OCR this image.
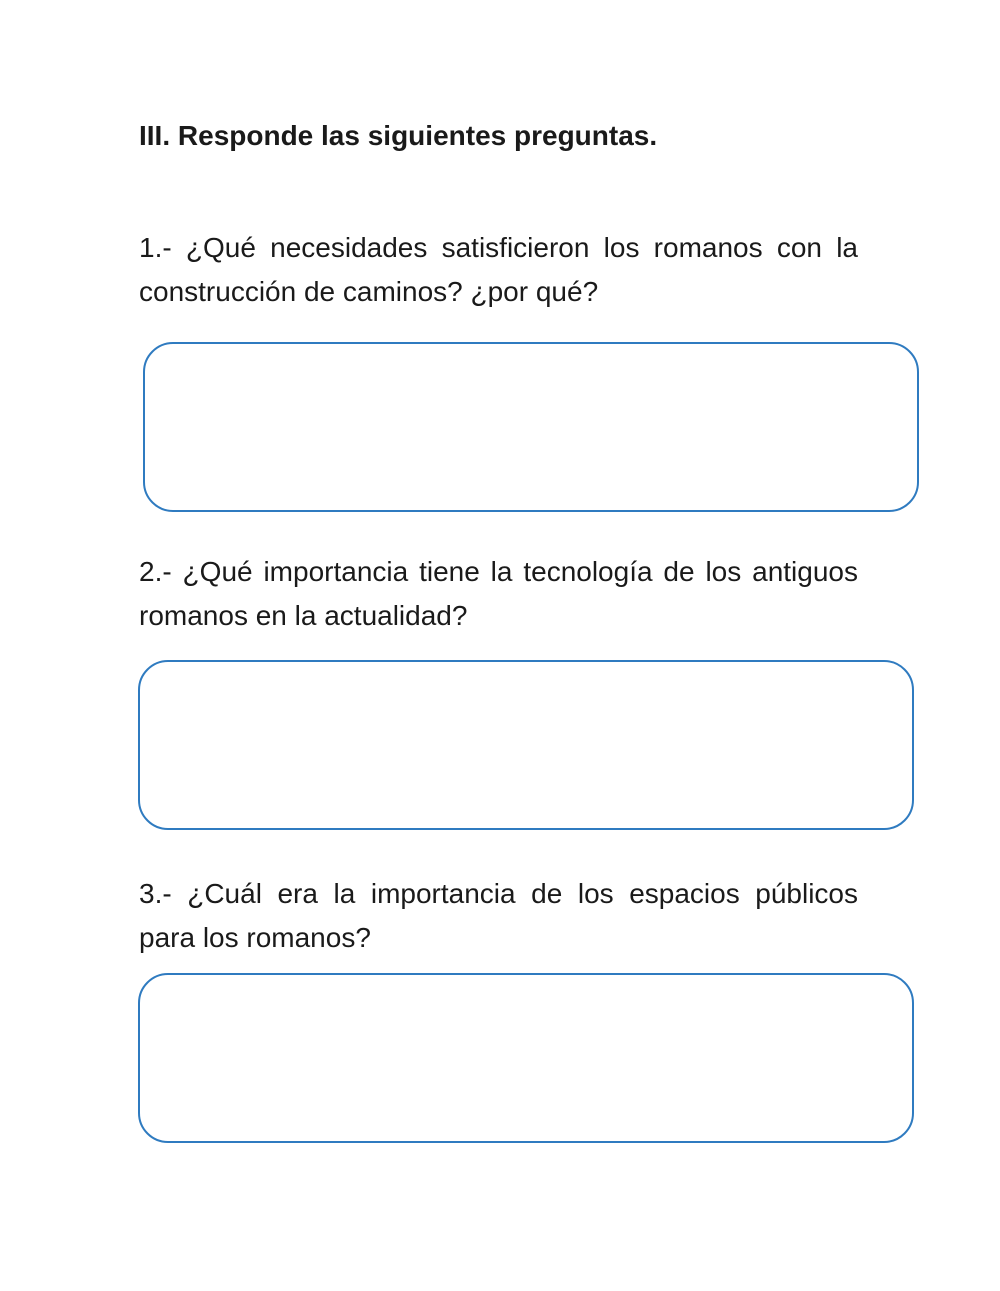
III. Responde las siguientes preguntas.

1.- ¿Qué necesidades satisficieron los romanos con la construcción de caminos? ¿por qué?

2.- ¿Qué importancia tiene la tecnología de los antiguos romanos en la actualidad?

3.- ¿Cuál era la importancia de los espacios públicos para los romanos?
